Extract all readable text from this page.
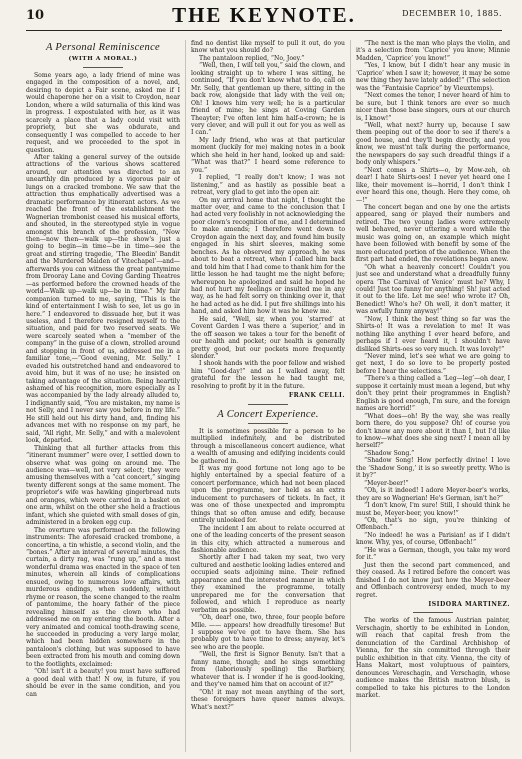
10	THE KEYNOTE.	DECEMBER 10, 1885.
A Personal Reminiscence
(WITH A MORAL.)

Some years ago, a lady friend of mine was engaged in the composition of a novel, and, desiring to depict a Fair scene, asked me if I would chaperone her on a visit to Croydon, near London, where a wild saturnalia of this kind was in progress. I expostulated with her, as it was scarcely a place that a lady could visit with propriety, but she was obdurate, and consequently I was compelled to accede to her request, and we proceeded to the spot in question.

After taking a general survey of the outside attractions of the various shows scattered around, our attention was directed to an unearthly din produced by a vigorous pair of lungs on a cracked trombone. We saw that the attraction thus emphatically advertised was a dramatic performance by itinerant actors. As we reached the front of the establishment the Wagnerian trombonist ceased his musical efforts, and shouted, in the stereotyped style in vogue amongst this branch of the profession, “Now then—now then—walk up—the show's just a going to begin—in time—be in time—see the great and stirring tragedie, ‘The Bleedin' Bandit and the Murdered Maiden of Vitechapel’—and—afterwards you can witness the great pantymime from Drooray Lane and Coving Garding Theatres—as performed before the crowned heads of the world—Walk up—walk up—be in time.” My fair companion turned to me, saying, “This is the kind of entertainment I wish to see, let us go in here.” I endeavored to dissuade her, but it was useless, and I therefore resigned myself to the situation, and paid for two reserved seats. We were scarcely seated when a “member of the company” in the guise of a clown, strolled around and stopping in front of us, addressed me in a familiar tone,—“Good evening, Mr. Selly.” I evaded his outstretched hand and endeavored to avoid him, but it was of no use; he insisted on taking advantage of the situation. Being heartily ashamed of his recognition, more especially as I was accompanied by the lady already alluded to, I indignantly said, “You are mistaken, my name is not Selly, and I never saw you before in my life.” He still held out his dirty hand, and, finding his advances met with no response on my part, he said, “All right, Mr. Selly,” and with a malevolent look, departed.

Thinking that all further attacks from this “itinerant mummer” were over, I settled down to observe what was going on around me. The audience was—well, not very select; they were amusing themselves with a “cat concert,” singing twenty different songs at the same moment. The proprietor's wife was hawking gingerbread nuts and oranges, which were carried in a basket on one arm, whilst on the other she held a fractious infant, which she quieted with small doses of gin, administered in a broken egg cup.

The overture was performed on the following instruments: The aforesaid cracked trombone, a concertina, a tin whistle, a second violin, and the “bones.” After an interval of several minutes, the curtain, a dirty rag, was “rung up,” and a most wonderful drama was enacted in the space of ten minutes, wherein all kinds of complications ensued, owing to numerous love affairs, with murderous endings, when suddenly, without rhyme or reason, the scene changed to the realm of pantomime, the hoary father of the piece revealing himself as the clown who had addressed me on my entering the booth. After a very animated and comical tooth-drawing scene, he succeeded in producing a very large molar, which had been hidden somewhere in the pantaloon's clothing, but was supposed to have been extracted from his mouth and coming down to the footlights, exclaimed:

“Oh! isn't it a beauty! you must have suffered a good deal with that! N ow, in future, if you should be ever in the same condition, and you can

find no dentist like myself to pull it out, do you know what you should do?

The pantaloon replied, “No, Joey.”

“Well, then, I will tell you,” said the clown, and looking straight up to where I was sitting, he continued, “If you don't know what to do, call on Mr. Selly, that gentleman up there, sitting in the back row, alongside that lady with the veil on; Oh! I knows him very well; he is a particular friend of mine; he sings at Coving Garden Theayter; I've often lent him half-a-crown; he is very clever, and will pull it out for you as well as I can.”

My lady friend, who was at that particular moment (luckily for me) making notes in a book which she held in her hand, looked up and said: “What was that?” I heard some reference to you.”

I replied, “I really don't know; I was not listening,” and as hastily as possible beat a retreat, very glad to get into the open air.

On my arrival home that night, I thought the matter over, and came to the conclusion that I had acted very foolishly in not acknowledging the poor clown's recognition of me, and I determined to make amends; I therefore went down to Croydon again the next day, and found him busily engaged in his shirt sleeves, making some benches. As he observed my approach, he was about to beat a retreat, when I called him back and told him that I had come to thank him for the little lesson he had taught me the night before; whereupon he apologized and said he hoped he had not hurt my feelings or insulted me in any way, as he had felt sorry on thinking over it, that he had acted as he did. I put five shillings into his hand, and asked him how it was he knew me.

He said, “Well, sir, when you ‘starred’ at Covent Garden I was there a ‘superior,’ and in the off season we takes a tour for the benefit of our health and pocket; our health is generally pretty good, but our pockets more frequently slender.”

I shook hands with the poor fellow and wished him “Good-day!” and as I walked away, felt grateful for the lesson he had taught me, resolving to profit by it in the future.

FRANK CELLI.

A Concert Experience.

It is sometimes possible for a person to be multiplied indefinitely, and be distributed through a miscellaneous concert audience, what a wealth of amusing and edifying incidents could be gathered in.

It was my good fortune not long ago to be highly entertained by a special feature of a concert performance, which had not been placed upon the programme, nor held as an extra inducement to purchasers of tickets. In fact, it was one of those unexpected and impromptu things that so often amuse and edify, because entirely unlooked for.

The incident I am about to relate occurred at one of the leading concerts of the present season in this city, which attracted a numerous and fashionable audience.

Shortly after I had taken my seat, two very cultured and aesthetic looking ladies entered and occupied seats adjoining mine. Their refined appearance and the interested manner in which they examined the programme, totally unprepared me for the conversation that followed, and which I reproduce as nearly verbatim as possible.

“Oh, dear! one, two, three, four people before Mlle. —— appears! how dreadfully tiresome! But I suppose we've got to have them. She has probably got to have time to dress; anyway, let's see who are the people.

“Well, the first is Signor Benuty. Isn't that a funny name, though; and he sings something from (laboriously spelling) the Barbiery, whatever that is. I wonder if he is good-looking, and they've named him that on account of it?”

“Oh! it may not mean anything of the sort, these foreigners have queer names always. What's next?”

“The next is the man who plays the violin, and it's a selection from ‘Caprice’ you know; Minnie Madden, ‘Caprice’ you know!”

“Yes, I know, but I didn't hear any music in ‘Caprice’ when I saw it; however, it may be some new thing they have lately added!” (The selection was the “Fantaisie Caprice” by Vieuxtemps).

“Next comes the tenor, I never heard of him to be sure, but I think tenors are ever so much nicer than those base singers, ours at our church is, I know!”

“Well, what next? hurry up, because I saw them peeping out of the door to see if there's a good house, and they'll begin directly, and you know, we must'nt talk during the performance, the newspapers do say such dreadful things if a body only whispers.”

“Next comes a Shirts—o, by Mow-zeh, oh dear! I hate Shirts-oes! I never yet heard one I like, their movement is—horrid, I don't think I ever heard this one, though. Here they come, oh—!”

The concert began and one by one the artists appeared, sang or played their numbers and retired. The two young ladies were extremely well behaved, never uttering a word while the music was going on, an example which might have been followed with benefit by some of the more educated portion of the audience. When the first part had ended, the revelations began anew.

“Oh what a heavenly concert! Couldn't you just see and understand what a dreadfully funny opera ‘The Carnival of Venice’ must be? Why, I could! Just too funny for anything! Sh! just acted it out to the life. Let me see! who wrote it? Oh, Benedict! Who's he? Oh well, it don't matter, it was awfully funny anyway!”

“Now, I think the best thing so far was the Shirts-o! It was a revelation to me! It was nothing like anything I ever heard before, and perhaps if I ever heard it, I shouldn't have disliked Shirts-oes so very much. It was lovely!”

“Never mind, let's see what we are going to get next, I do so love to be properly posted before I hear the selections.”

“There's a thing called a ‘Leg—leg’—oh dear, I suppose it certainly must mean a legend, but why don't they print their programmes in English? English is good enough, I'm sure, and the foreign names are horrid!”

“What does—oh! By the way, she was really born there, do you suppose? Oh! of course you don't know any more about it than I, but I'd like to know—what does she sing next? I mean all by herself?”

“Shadow Song.”

“Shadow Song! How perfectly divine! I love the ‘Shadow Song,’ it is so sweetly pretty. Who is it by?”

“Meyer-beer!”

“Oh, is it indeed! I adore Meyer-beer's works, they are so Wagnerian! He's German, isn't he?”

“I don't know, I'm sure! Still, I should think he must be, Meyer-beer, you know!”

“Oh, that's no sign, you're thinking of Offenbach.”

“No indeed! he was a Parisian! as if I didn't know. Why, yes, of course, Offenbach!”

“He was a German, though, you take my word for it.”

Just then the second part commenced, and they ceased. As I retired before the concert was finished I do not know just how the Meyer-beer and Offenbach controversy ended, much to my regret.

ISIDORA MARTINEZ.

The works of the famous Austrian painter, Verschagin, shortly to be exhibited in London, will reach that capital fresh from the denunciation of the Cardinal Archbishop of Vienna, for the sin committed through their public exhibition in that city. Vienna, the city of Hans Makart, most voluptuous of painters, denounces Vereschagin, and Verschagin, whose audience makes the British matron blush, is compelled to take his pictures to the London market.
